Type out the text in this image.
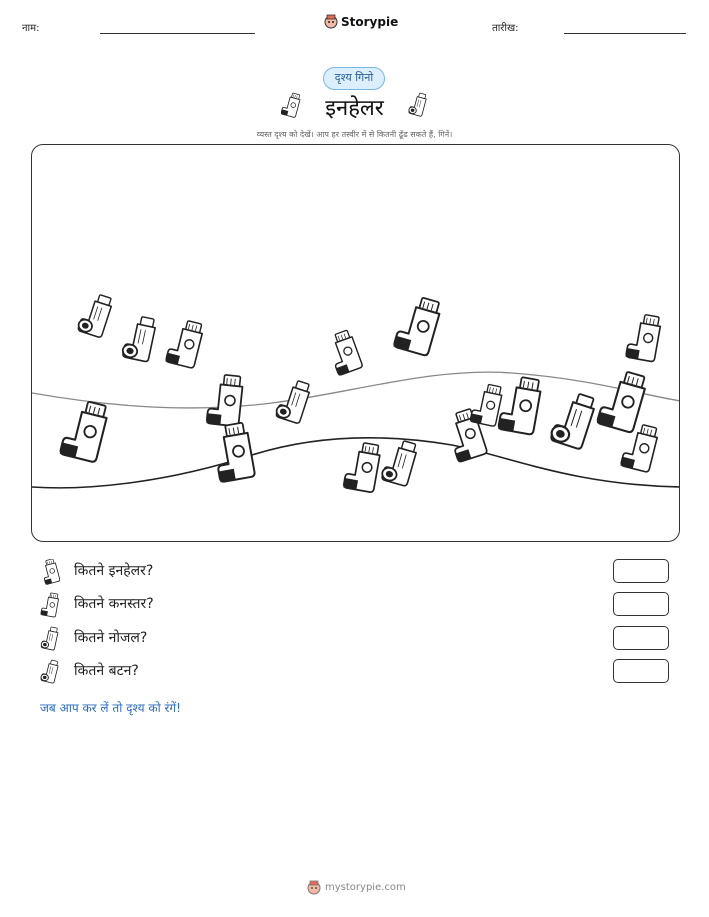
नाम:	Storypie	तारीख:
दृश्य गिनो
इनहेलर
व्यस्त दृश्य को देखें। आप हर तस्वीर में से कितनी ढूँढ सकते हैं, गिनें।
कितने इनहेलर?
कितने कनस्तर?
कितने नोजल?
कितने बटन?
जब आप कर लें तो दृश्य को रंगें!
mystorypie.com
